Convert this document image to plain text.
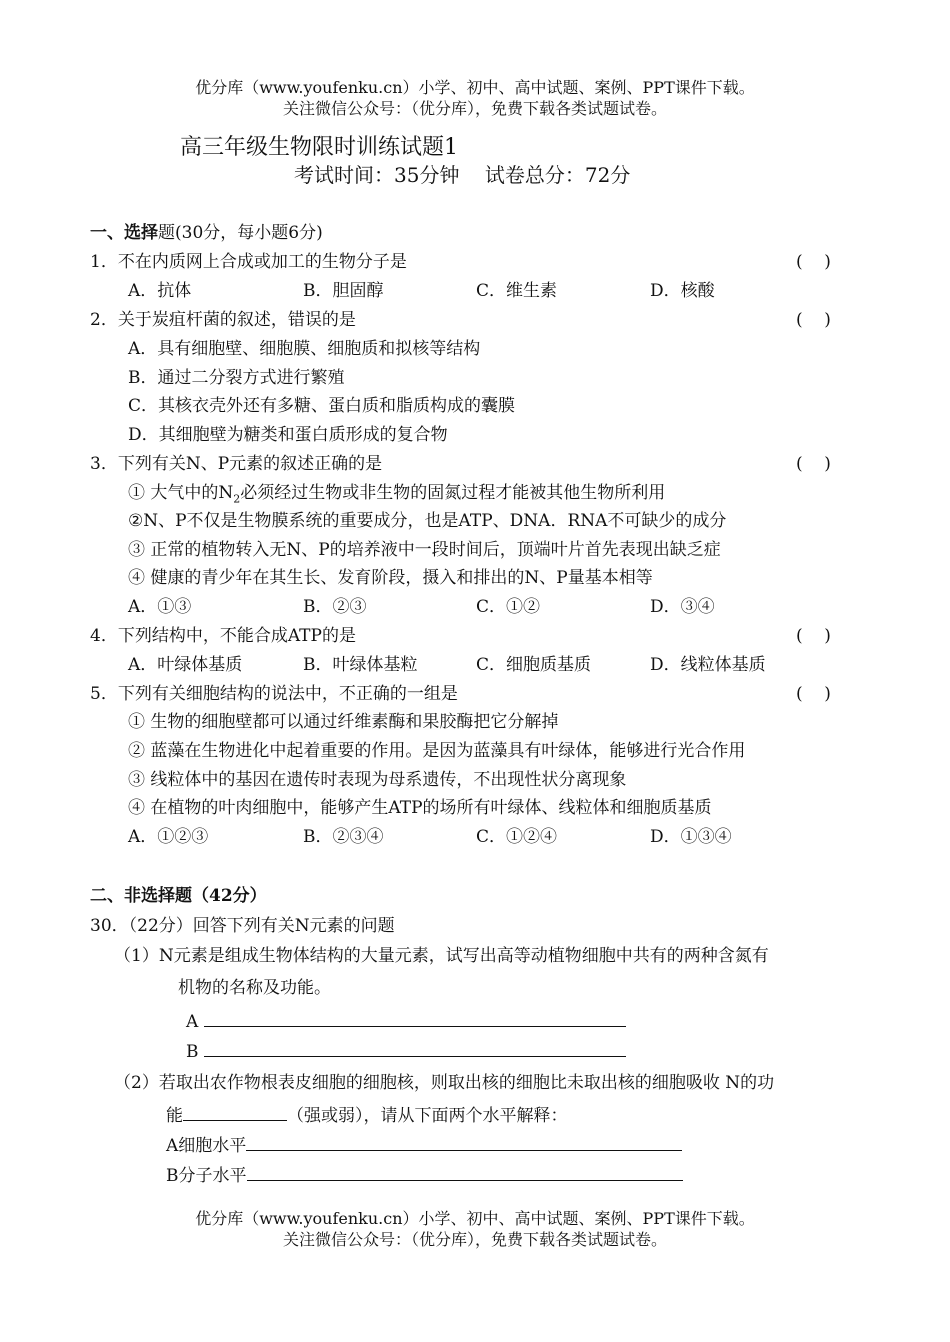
优分库（www.youfenku.cn）小学、初中、高中试题、案例、PPT课件下载。
关注微信公众号：（优分库），免费下载各类试题试卷。
高三年级生物限时训练试题1
考试时间：35分钟    试卷总分：72分
一、选择题(30分，每小题6分)
1．不在内质网上合成或加工的生物分子是	(    )
A．抗体	B．胆固醇	C．维生素	D．核酸
2．关于炭疽杆菌的叙述，错误的是	(    )
A．具有细胞壁、细胞膜、细胞质和拟核等结构
B．通过二分裂方式进行繁殖
C．其核衣壳外还有多糖、蛋白质和脂质构成的囊膜
D．其细胞壁为糖类和蛋白质形成的复合物
3．下列有关N、P元素的叙述正确的是	(    )
① 大气中的$N_2$必须经过生物或非生物的固氮过程才能被其他生物所利用
②N、P不仅是生物膜系统的重要成分，也是ATP、DNA．RNA不可缺少的成分
③ 正常的植物转入无N、P的培养液中一段时间后，顶端叶片首先表现出缺乏症
④ 健康的青少年在其生长、发育阶段，摄入和排出的N、P量基本相等
A．①③	B．②③	C．①②	D．③④
4．下列结构中，不能合成ATP的是	(    )
A．叶绿体基质	B．叶绿体基粒	C．细胞质基质	D．线粒体基质
5．下列有关细胞结构的说法中，不正确的一组是	(    )
① 生物的细胞壁都可以通过纤维素酶和果胶酶把它分解掉
② 蓝藻在生物进化中起着重要的作用。是因为蓝藻具有叶绿体，能够进行光合作用
③ 线粒体中的基因在遗传时表现为母系遗传，不出现性状分离现象
④ 在植物的叶肉细胞中，能够产生ATP的场所有叶绿体、线粒体和细胞质基质
A．①②③	B．②③④	C．①②④	D．①③④
二、非选择题（42分）
30．（22分）回答下列有关N元素的问题
（1）N元素是组成生物体结构的大量元素，试写出高等动植物细胞中共有的两种含氮有
机物的名称及功能。
A
B
（2）若取出农作物根表皮细胞的细胞核，则取出核的细胞比未取出核的细胞吸收 N的功
能	（强或弱），请从下面两个水平解释：
A细胞水平
B分子水平
优分库（www.youfenku.cn）小学、初中、高中试题、案例、PPT课件下载。
关注微信公众号：（优分库），免费下载各类试题试卷。
